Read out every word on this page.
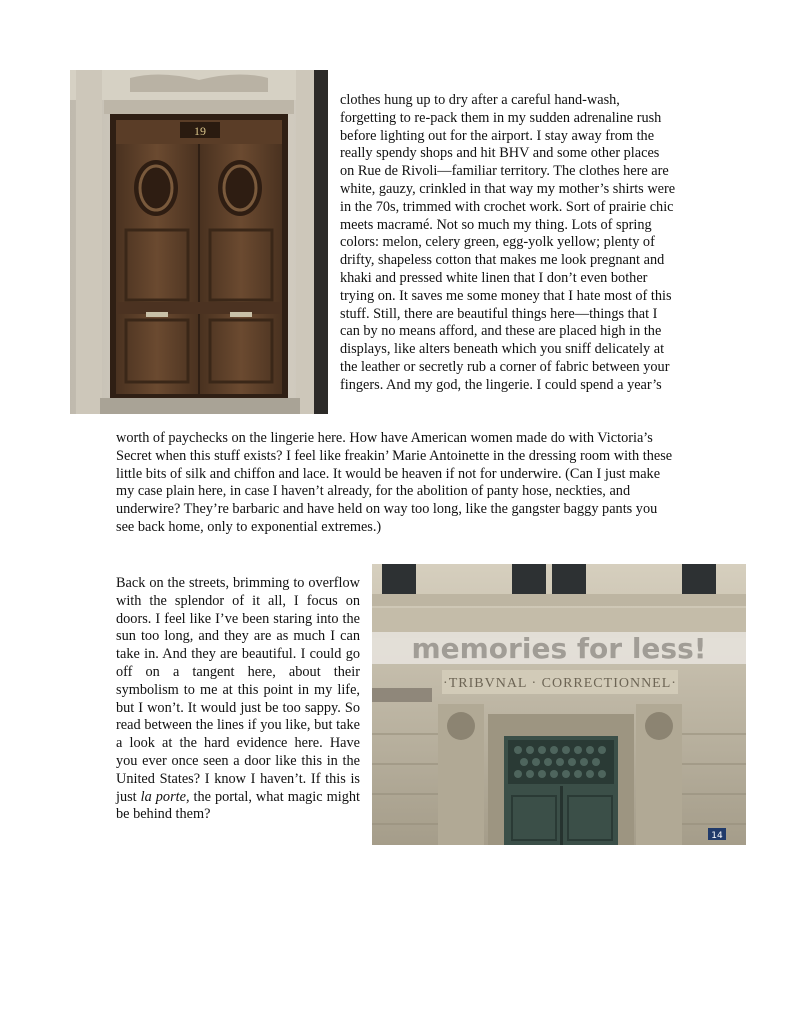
19

clothes hung up to dry after a careful hand-wash, forgetting to re-pack them in my sudden adrenaline rush before lighting out for the airport. I stay away from the really spendy shops and hit BHV and some other places on Rue de Rivoli—familiar territory. The clothes here are white, gauzy, crinkled in that way my mother’s shirts were in the 70s, trimmed with crochet work. Sort of prairie chic meets macramé. Not so much my thing. Lots of spring colors: melon, celery green, egg-yolk yellow; plenty of drifty, shapeless cotton that makes me look pregnant and khaki and pressed white linen that I don’t even bother trying on. It saves me some money that I hate most of this stuff. Still, there are beautiful things here—things that I can by no means afford, and these are placed high in the displays, like alters beneath which you sniff delicately at the leather or secretly rub a corner of fabric between your fingers. And my god, the lingerie. I could spend a year’s

worth of paychecks on the lingerie here. How have American women made do with Victoria’s Secret when this stuff exists? I feel like freakin’ Marie Antoinette in the dressing room with these little bits of silk and chiffon and lace. It would be heaven if not for underwire. (Can I just make my case plain here, in case I haven’t already, for the abolition of panty hose, neckties, and underwire? They’re barbaric and have held on way too long, like the gangster baggy pants you see back home, only to exponential extremes.)

Back on the streets, brimming to overflow with the splendor of it all, I focus on doors. I feel like I’ve been staring into the sun too long, and they are as much I can take in. And they are beautiful. I could go off on a tangent here, about their symbolism to me at this point in my life, but I won’t. It would just be too sappy. So read between the lines if you like, but take a look at the hard evidence here. Have you ever once seen a door like this in the United States? I know I haven’t. If this is just la porte, the portal, what magic might be behind them?

memories for less!
·TRIBVNAL · CORRECTIONNEL·
14
